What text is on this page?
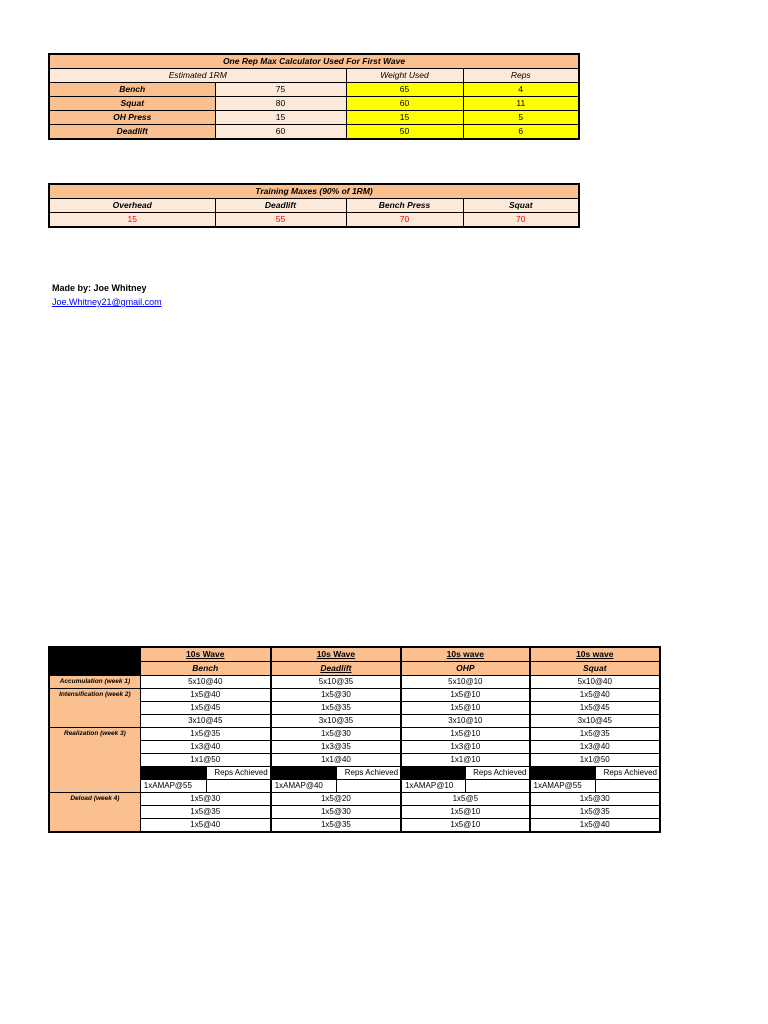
One Rep Max Calculator Used For First Wave			
Estimated 1RM		Weight Used	Reps
Bench	75	65	4
Squat	80	60	11
OH Press	15	15	5
Deadlift	60	50	6
Training Maxes (90% of 1RM)			
Overhead	Deadlift	Bench Press	Squat
15	55	70	70
Made by: Joe Whitney
Joe.Whitney21@gmail.com
	10s Wave		10s Wave		10s wave		10s wave	
	Bench		Deadlift		OHP		Squat	
Accumulation (week 1)	5x10@40		5x10@35		5x10@10		5x10@40	
Intensification (week 2)	1x5@40		1x5@30		1x5@10		1x5@40	
	1x5@45		1x5@35		1x5@10		1x5@45	
	3x10@45		3x10@35		3x10@10		3x10@45	
Realization (week 3)	1x5@35		1x5@30		1x5@10		1x5@35	
	1x3@40		1x3@35		1x3@10		1x3@40	
	1x1@50		1x1@40		1x1@10		1x1@50	
		Reps Achieved		Reps Achieved		Reps Achieved		Reps Achieved
	1xAMAP@55		1xAMAP@40		1xAMAP@10		1xAMAP@55	
Deload (week 4)	1x5@30		1x5@20		1x5@5		1x5@30	
	1x5@35		1x5@30		1x5@10		1x5@35	
	1x5@40		1x5@35		1x5@10		1x5@40	
